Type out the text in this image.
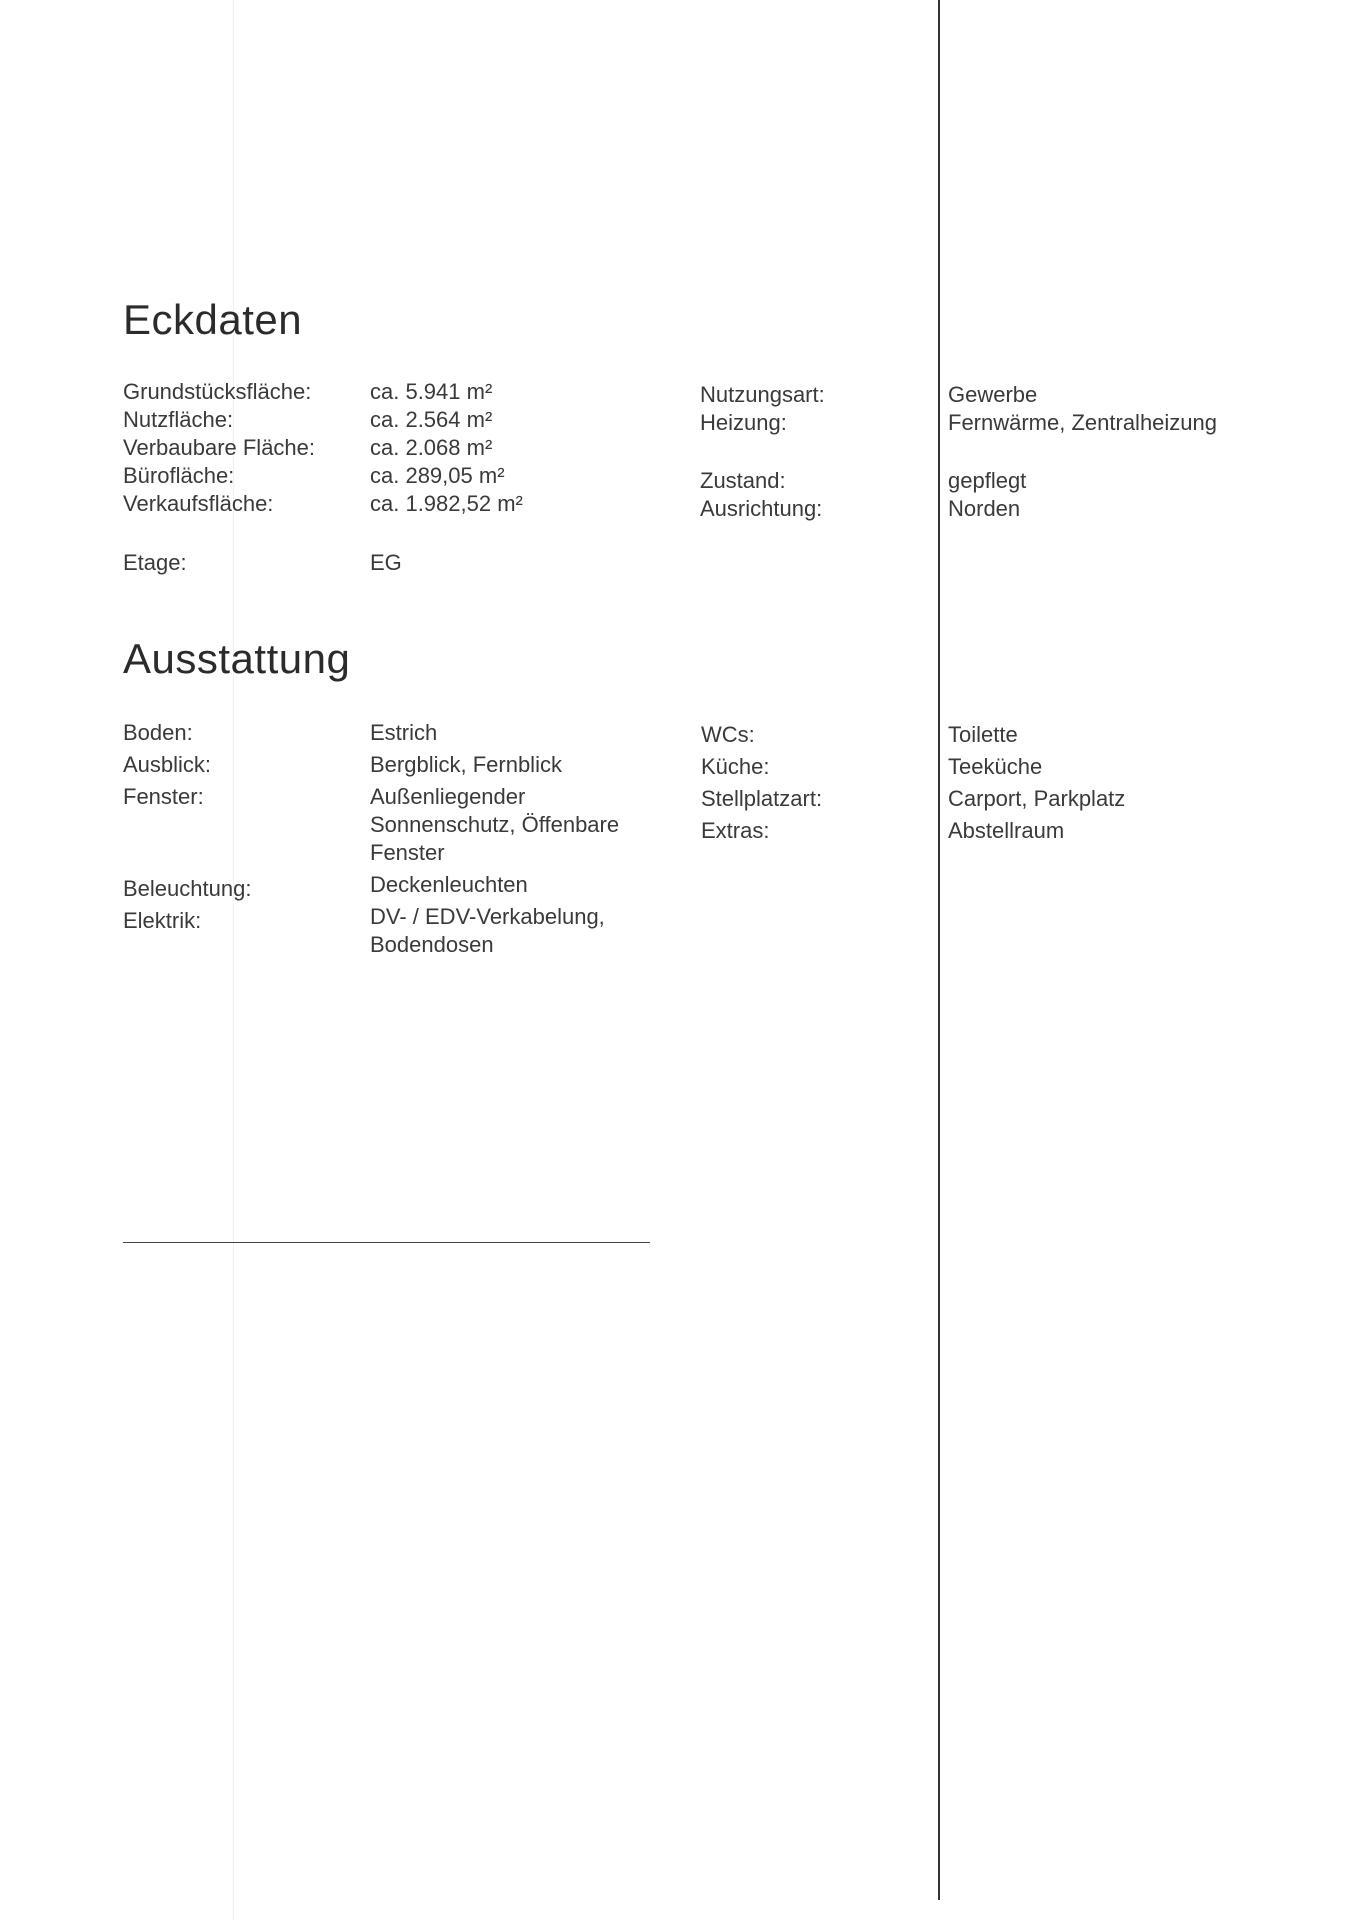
Eckdaten
Grundstücksfläche:
Nutzfläche:
Verbaubare Fläche:
Bürofläche:
Verkaufsfläche:
ca. 5.941 m²
ca. 2.564 m²
ca. 2.068 m²
ca. 289,05 m²
ca. 1.982,52 m²
Etage:	EG
Nutzungsart:
Heizung:
Zustand:
Ausrichtung:
Gewerbe
Fernwärme, Zentralheizung
gepflegt
Norden
Ausstattung
Boden:
Ausblick:
Fenster:
Beleuchtung:
Elektrik:
Estrich
Bergblick, Fernblick
Außenliegender Sonnenschutz, Öffenbare Fenster
Deckenleuchten
DV- / EDV-Verkabelung, Bodendosen
WCs:
Küche:
Stellplatzart:
Extras:
Toilette
Teeküche
Carport, Parkplatz
Abstellraum
